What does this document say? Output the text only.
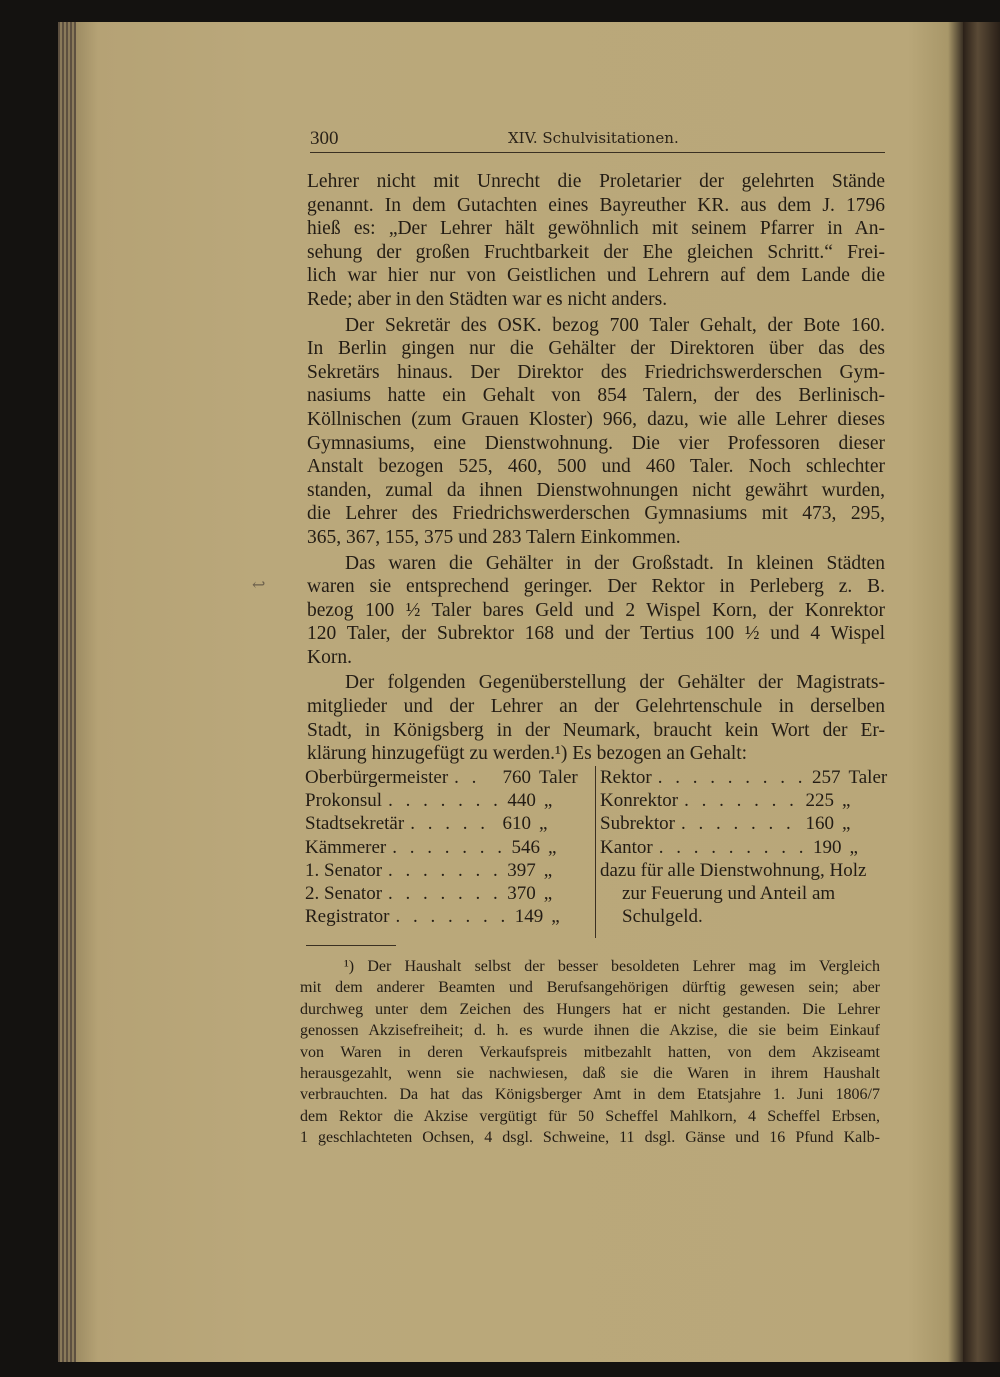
300	XIV. Schulvisitationen.
↩
Lehrer nicht mit Unrecht die Proletarier der gelehrten Stände
genannt. In dem Gutachten eines Bayreuther KR. aus dem J. 1796
hieß es: „Der Lehrer hält gewöhnlich mit seinem Pfarrer in An-
sehung der großen Fruchtbarkeit der Ehe gleichen Schritt.“ Frei-
lich war hier nur von Geistlichen und Lehrern auf dem Lande die
Rede; aber in den Städten war es nicht anders.
Der Sekretär des OSK. bezog 700 Taler Gehalt, der Bote 160.
In Berlin gingen nur die Gehälter der Direktoren über das des
Sekretärs hinaus. Der Direktor des Friedrichswerderschen Gym-
nasiums hatte ein Gehalt von 854 Talern, der des Berlinisch-
Köllnischen (zum Grauen Kloster) 966, dazu, wie alle Lehrer dieses
Gymnasiums, eine Dienstwohnung. Die vier Professoren dieser
Anstalt bezogen 525, 460, 500 und 460 Taler. Noch schlechter
standen, zumal da ihnen Dienstwohnungen nicht gewährt wurden,
die Lehrer des Friedrichswerderschen Gymnasiums mit 473, 295,
365, 367, 155, 375 und 283 Talern Einkommen.
Das waren die Gehälter in der Großstadt. In kleinen Städten
waren sie entsprechend geringer. Der Rektor in Perleberg z. B.
bezog 100 ½ Taler bares Geld und 2 Wispel Korn, der Konrektor
120 Taler, der Subrektor 168 und der Tertius 100 ½ und 4 Wispel
Korn.
Der folgenden Gegenüberstellung der Gehälter der Magistrats-
mitglieder und der Lehrer an der Gelehrtenschule in derselben
Stadt, in Königsberg in der Neumark, braucht kein Wort der Er-
klärung hinzugefügt zu werden.¹) Es bezogen an Gehalt:
Oberbürgermeister . .	760 Taler
Prokonsul . . . . . . . 440 „
Stadtsekretär . . . . . 610 „
Kämmerer . . . . . . . 546 „
1. Senator . . . . . . . 397 „
2. Senator . . . . . . . 370 „
Registrator . . . . . . . 149 „
Rektor . . . . . . . . . 257 Taler
Konrektor . . . . . . . 225 „
Subrektor . . . . . . . 160 „
Kantor . . . . . . . . . 190 „
dazu für alle Dienstwohnung, Holz
zur Feuerung und Anteil am
Schulgeld.
¹) Der Haushalt selbst der besser besoldeten Lehrer mag im Vergleich
mit dem anderer Beamten und Berufsangehörigen dürftig gewesen sein; aber
durchweg unter dem Zeichen des Hungers hat er nicht gestanden. Die Lehrer
genossen Akzisefreiheit; d. h. es wurde ihnen die Akzise, die sie beim Einkauf
von Waren in deren Verkaufspreis mitbezahlt hatten, von dem Akziseamt
herausgezahlt, wenn sie nachwiesen, daß sie die Waren in ihrem Haushalt
verbrauchten. Da hat das Königsberger Amt in dem Etatsjahre 1. Juni 1806/7
dem Rektor die Akzise vergütigt für 50 Scheffel Mahlkorn, 4 Scheffel Erbsen,
1 geschlachteten Ochsen, 4 dsgl. Schweine, 11 dsgl. Gänse und 16 Pfund Kalb-
